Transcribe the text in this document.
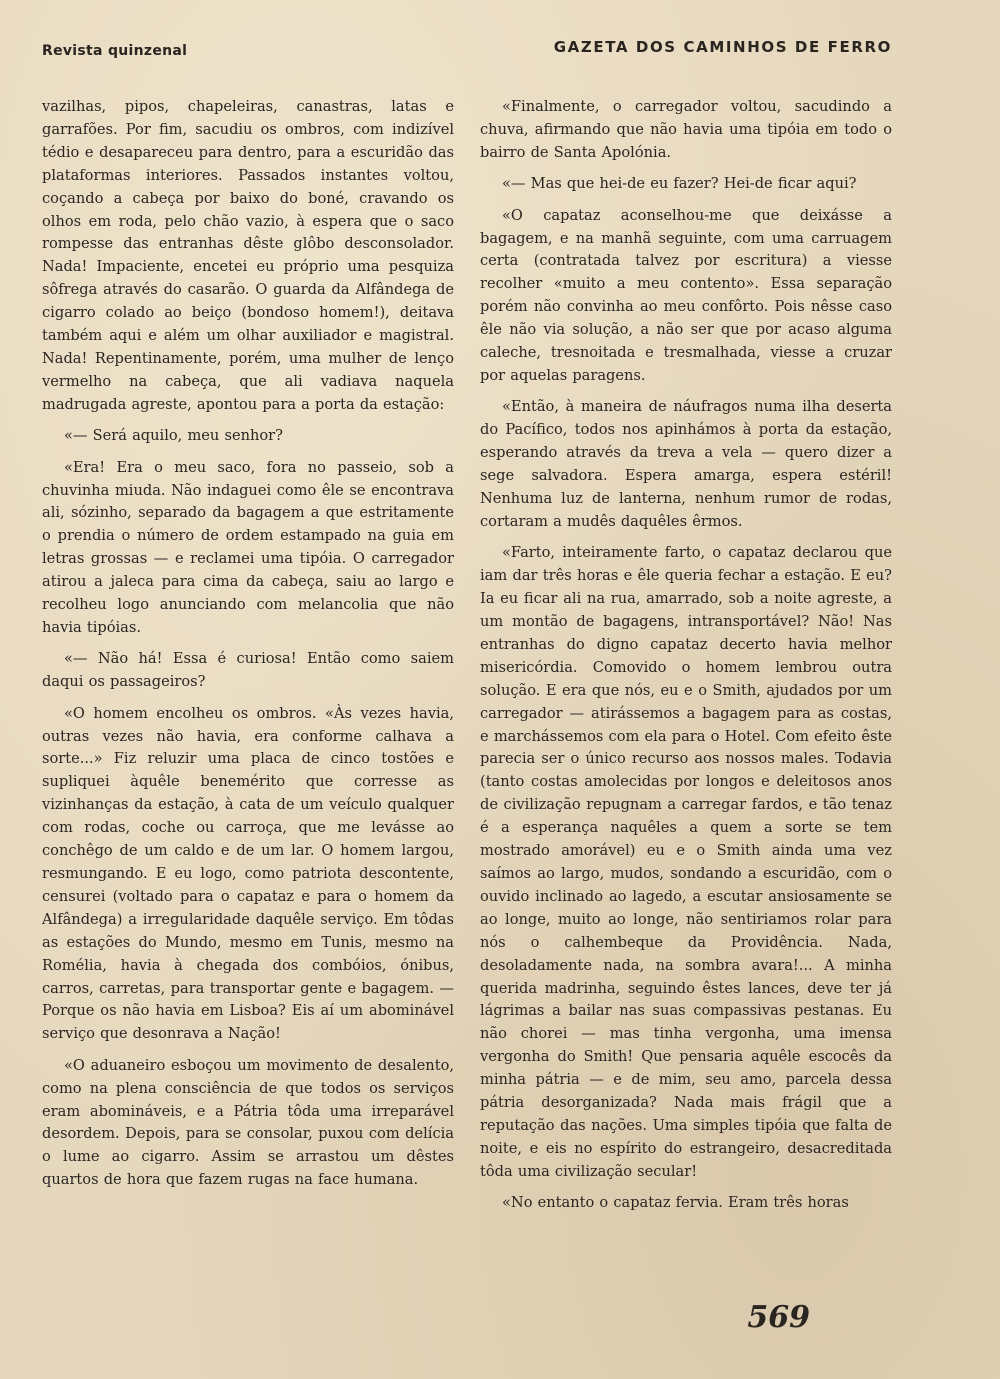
Revista quinzenal	GAZETA DOS CAMINHOS DE FERRO

vazilhas, pipos, chapeleiras, canastras, latas e garrafões. Por fim, sacudiu os ombros, com indizível tédio e desapareceu para dentro, para a escuridão das plataformas interiores. Passados instantes voltou, coçando a cabeça por baixo do boné, cravando os olhos em roda, pelo chão vazio, à espera que o saco rompesse das entranhas dêste glôbo desconsolador. Nada! Impaciente, encetei eu próprio uma pesquiza sôfrega através do casarão. O guarda da Alfândega de cigarro colado ao beiço (bondoso homem!), deitava também aqui e além um olhar auxiliador e magistral. Nada! Repentinamente, porém, uma mulher de lenço vermelho na cabeça, que ali vadiava naquela madrugada agreste, apontou para a porta da estação:

«— Será aquilo, meu senhor?

«Era! Era o meu saco, fora no passeio, sob a chuvinha miuda. Não indaguei como êle se encontrava ali, sózinho, separado da bagagem a que estritamente o prendia o número de ordem estampado na guia em letras grossas — e reclamei uma tipóia. O carregador atirou a jaleca para cima da cabeça, saiu ao largo e recolheu logo anunciando com melancolia que não havia tipóias.

«— Não há! Essa é curiosa! Então como saiem daqui os passageiros?

«O homem encolheu os ombros. «Às vezes havia, outras vezes não havia, era conforme calhava a sorte...» Fiz reluzir uma placa de cinco tostões e supliquei àquêle benemérito que corresse as vizinhanças da estação, à cata de um veículo qualquer com rodas, coche ou carroça, que me levásse ao conchêgo de um caldo e de um lar. O homem largou, resmungando. E eu logo, como patriota descontente, censurei (voltado para o capataz e para o homem da Alfândega) a irregularidade daquêle serviço. Em tôdas as estações do Mundo, mesmo em Tunis, mesmo na Romélia, havia à chegada dos combóios, ónibus, carros, carretas, para transportar gente e bagagem. — Porque os não havia em Lisboa? Eis aí um abominável serviço que desonrava a Nação!

«O aduaneiro esboçou um movimento de desalento, como na plena consciência de que todos os serviços eram abomináveis, e a Pátria tôda uma irreparável desordem. Depois, para se consolar, puxou com delícia o lume ao cigarro. Assim se arrastou um dêstes quartos de hora que fazem rugas na face humana.

«Finalmente, o carregador voltou, sacudindo a chuva, afirmando que não havia uma tipóia em todo o bairro de Santa Apolónia.

«— Mas que hei-de eu fazer? Hei-de ficar aqui?

«O capataz aconselhou-me que deixásse a bagagem, e na manhã seguinte, com uma carruagem certa (contratada talvez por escritura) a viesse recolher «muito a meu contento». Essa separação porém não convinha ao meu confôrto. Pois nêsse caso êle não via solução, a não ser que por acaso alguma caleche, tresnoitada e tresmalhada, viesse a cruzar por aquelas paragens.

«Então, à maneira de náufragos numa ilha deserta do Pacífico, todos nos apinhámos à porta da estação, esperando através da treva a vela — quero dizer a sege salvadora. Espera amarga, espera estéril! Nenhuma luz de lanterna, nenhum rumor de rodas, cortaram a mudês daquêles êrmos.

«Farto, inteiramente farto, o capataz declarou que iam dar três horas e êle queria fechar a estação. E eu? Ia eu ficar ali na rua, amarrado, sob a noite agreste, a um montão de bagagens, intransportável? Não! Nas entranhas do digno capataz decerto havia melhor misericórdia. Comovido o homem lembrou outra solução. E era que nós, eu e o Smith, ajudados por um carregador — atirássemos a bagagem para as costas, e marchássemos com ela para o Hotel. Com efeito êste parecia ser o único recurso aos nossos males. Todavia (tanto costas amolecidas por longos e deleitosos anos de civilização repugnam a carregar fardos, e tão tenaz é a esperança naquêles a quem a sorte se tem mostrado amorável) eu e o Smith ainda uma vez saímos ao largo, mudos, sondando a escuridão, com o ouvido inclinado ao lagedo, a escutar ansiosamente se ao longe, muito ao longe, não sentiriamos rolar para nós o calhembeque da Providência. Nada, desoladamente nada, na sombra avara!... A minha querida madrinha, seguindo êstes lances, deve ter já lágrimas a bailar nas suas compassivas pestanas. Eu não chorei — mas tinha vergonha, uma imensa vergonha do Smith! Que pensaria aquêle escocês da minha pátria — e de mim, seu amo, parcela dessa pátria desorganizada? Nada mais frágil que a reputação das nações. Uma simples tipóia que falta de noite, e eis no espírito do estrangeiro, desacreditada tôda uma civilização secular!

«No entanto o capataz fervia. Eram três horas

569
